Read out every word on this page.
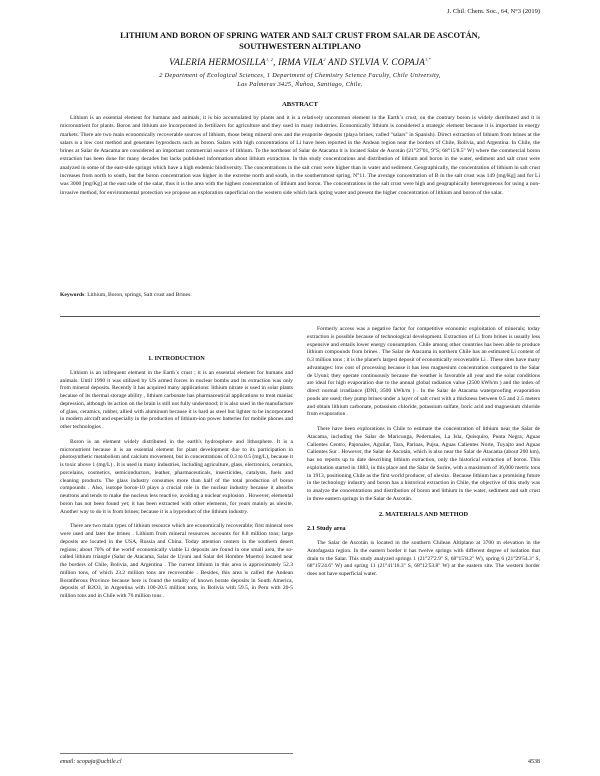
J. Chil. Chem. Soc., 64, N°3 (2019)
LITHIUM AND BORON OF SPRING WATER AND SALT CRUST FROM SALAR DE ASCOTÁN,
SOUTHWESTERN ALTIPLANO
VALERIA HERMOSILLA$^{1, 2}$, IRMA VILA$^2$ AND SYLVIA V. $COPAJA^{1,*}$
2 Department of Ecological Sciences, 1 Department of Chemistry Science Faculty, Chile University,
Las Palmeras 3425, Ñuñoa, Santiago, Chile.
ABSTRACT

Lithium is an essential element for humans and animals, it is bio accumulated by plants and it is a relatively uncommon element in the Earth´s crust, on the contrary boron is widely distributed and it is micronutrient for plants. Boron and lithium are incorporated in fertilizers for agriculture and they used in many industries. Economically lithium is considered a strategic element because it is important in energy markets. There are two main economically recoverable sources of lithium, those being mineral ores and the evaporite deposits (playa brines, called "salars" in Spanish). Direct extraction of lithium from brines at the salars is a low cost method and generates byproducts such as boron. Salars with high concentrations of Li have been reported in the Andean region near the borders of Chile, Bolivia, and Argentina. In Chile, the brines at Salar de Atacama are considered an important commercial source of lithium. To the northeast of Salar de Atacama it is located Salar de Ascotán (21°27'01, 9''S; 68°15'8.5'' W) where the commercial boron extraction has been done for many decades but lacks published information about lithium extraction. In this study concentrations and distribution of lithium and boron in the water, sediment and salt crust were analyzed in some of the east-side springs which have a high endemic biodiversity. The concentrations in the salt crust were higher than in water and sediment. Geographically, the concentration of lithium in salt crust increases from north to south, but the boron concentration was higher in the extreme north and south, in the southernmost spring, N°11. The average concentration of B in the salt crust was 149 [mg/Kg] and for Li was 3000 [mg/Kg] at the east side of the salar, thus it is the area with the highest concentration of lithium and boron. The concentrations in the salt crust were high and geographically heterogeneous for using a non-invasive method, for environmental protection we propose an exploration superficial on the western side which lack spring water and present the higher concentration of lithium and boron of the salar.

Keywords: Lithium, Boron, springs, Salt crust and Brines.

1. INTRODUCTION

Lithium is an infrequent element in the Earth´s crust ; it is an essential element for humans and animals. Until 1990 it was utilized by US armed forces in nuclear bombs and its extraction was only from mineral deposits. Recently it has acquired many applications: lithium nitrate is used in solar plants because of its thermal storage ability , lithium carbonate has pharmaceutical applications to treat maniac depression, although its action on the brain is still not fully understood; it is also used in the manufacture of glass, ceramics, rubber, allied with aluminum because it is hard as steel but lighter to be incorporated in modern aircraft and especially in the production of lithium-ion power batteries for mobile phones and other technologies .

Boron is an element widely distributed in the earth's hydrosphere and lithosphere. It is a micronutrient because it is an essential element for plant development due to its participation in photosynthetic metabolism and calcium movement, but in concentrations of 0.3 to 0.5 (mg/L), because it is toxic above 1 (mg/L) . It is used in many industries, including agriculture, glass, electronics, ceramics, porcelains, cosmetics, semiconductors, leather, pharmaceuticals, insecticides, catalysts, fuels and cleaning products. The glass industry consumes more than half of the total production of boron compounds . Also, isotope boron-10 plays a crucial role in the nuclear industry because it absorbs neutrons and tends to make the nucleus less reactive, avoiding a nuclear explosion . However, elemental boron has not been found yet; it has been extracted with other elements, for years mainly as ulexite. Another way to do it is from brines; because it is a byproduct of the lithium industry.

There are two main types of lithium resource which are economically recoverable; first mineral ores were used and later the brines . Lithium from mineral resources accounts for 8.8 million tons; large deposits are located in the USA, Russia and China. Today attention centers in the southern desert regions; about 70% of the world' economically viable Li deposits are found in one small area, the so-called lithium triangle (Salar de Atacama, Salar de Uyuni and Salar del Hombre Muerto) located near the borders of Chile, Bolivia, and Argentina . The current lithium in this area is approximately 52.3 million tons, of which 23.2 million tons are recoverable . Besides, this area is called the Andean Boratiferous Province because here is found the totality of known borate deposits in South America, deposits of B2O3, in Argentina with 100-20.5 million tons, in Bolivia with 59.5, in Peru with 20-5 million tons and in Chile with 76 million tons .

Formerly access was a negative factor for competitive economic exploitation of minerals; today extraction is possible because of technological development. Extraction of Li from brines is usually less expensive and entails lower energy consumption. Chile among other countries has been able to produce lithium compounds from brines . The Salar de Atacama in northern Chile has an estimated Li content of 6.3 million tons ; it is the planet's largest deposit of economically recoverable Li . These sites have many advantages: low cost of processing because it has less magnesium concentration compared to the Salar de Uyuni; they operate continuously because the weather is favorable all year and the solar conditions are ideal for high evaporation due to the annual global radiation value (2500 kWh/m ) and the index of direct normal irradiance (DNI, 3500 kWh/m ) . In the Salar de Atacama waterproofing evaporation ponds are used; they pump brines under a layer of salt crust with a thickness between 0.5 and 2.5 meters and obtain lithium carbonate, potassium chloride, potassium sulfate, boric acid and magnesium chloride from evaporation .

There have been explorations in Chile to estimate the concentration of lithium near the Salar de Atacama, including the Salar de Maricunga, Pedernales, La Isla, Quisquiro, Punta Negra, Aguas Calientes Centro, Pajonales, Aguilar, Tara, Parinas, Pujsa, Aguas Calientes Norte, Tuyajto and Aguas Calientes Sur . However, the Salar de Ascotán, which is also near the Salar de Atacama (about 200 km), has no reports up to date describing lithium extraction, only the historical extraction of boron. This exploitation started in 1883, in this place and the Salar de Surire, with a maximum of 36,000 metric tons in 1913, positioning Chile as the first world producer, of ulexita . Because lithium has a promising future in the technology industry and boron has a historical extraction in Chile, the objective of this study was to analyze the concentrations and distribution of boron and lithium in the water, sediment and salt crust in three eastern springs in the Salar de Ascotán.

2. MATERIALS AND METHOD

2.1 Study area

The Salar de Ascotán is located in the southern Chilean Altiplano at 3700 m elevation in the Antofagasta region. In the eastern border it has twelve springs with different degree of isolation that drain to the Salar. This study analyzed springs 1 (21°27'2.9'' S, 68°15'8.2'' W), spring 6 (21°29'54.3'' S, 68°15'24.6'' W) and spring 11 (21°41'16.3'' S, 68°12'53.8'' W) at the eastern site. The western border does not have superficial water.

email: scopaja@uchile.cl	4538
